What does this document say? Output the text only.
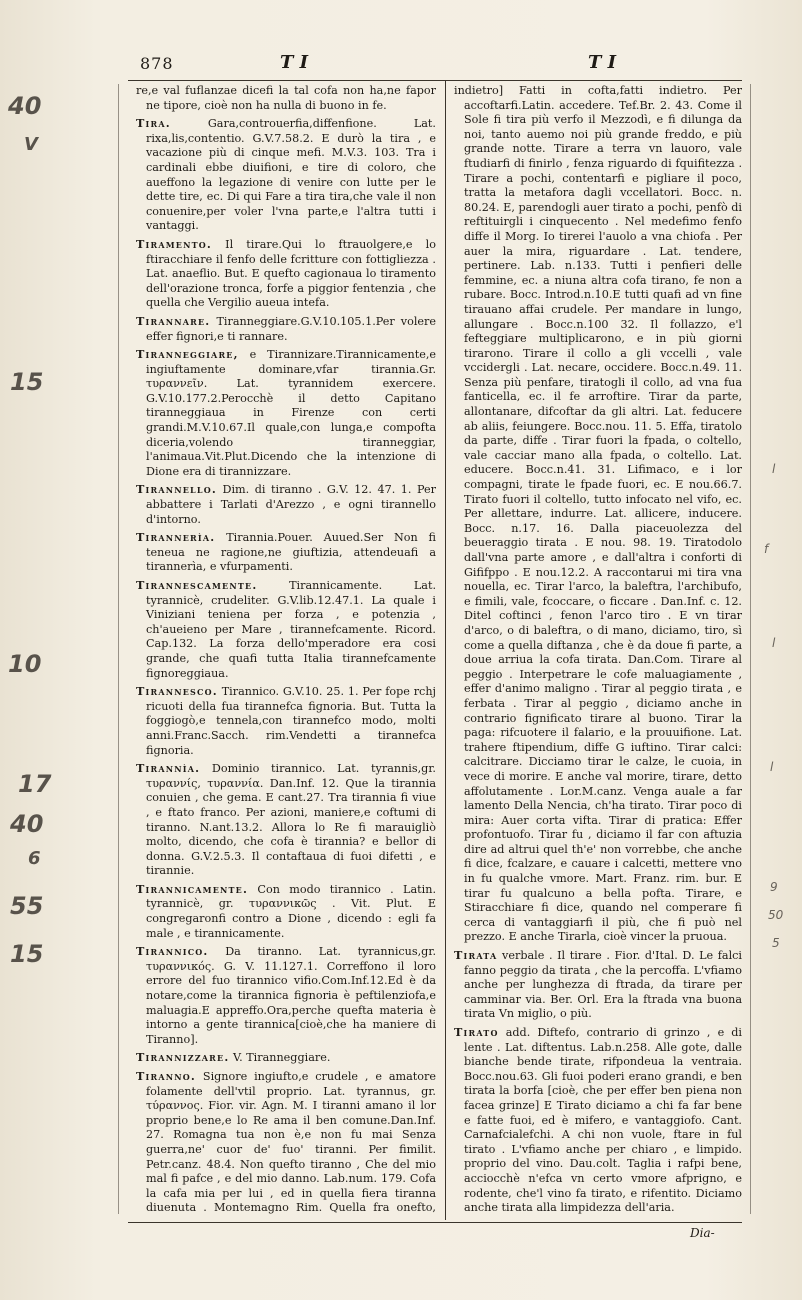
878	T I	T I

re,e val fuflanzae dicefi la tal cofa non ha,ne fapor ne tipore, cioè non ha nulla di buono in fe.

Tira.	Gara,controuerfia,diffenfione. Lat. rixa,lis,contentio. G.V.7.58.2. E durò la tira , e vacazione più di cinque mefi. M.V.3. 103. Tra i cardinali ebbe diuifioni, e tire di coloro, che aueffono la legazione di venire con lutte per le dette tire, ec. Di qui Fare a tira tira,che vale il non conuenire,per voler l'vna parte,e l'altra tutti i vantaggi.

Tiramento. Il tirare.Qui lo ftrauolgere,e lo ftiracchiare il fenfo delle fcritture con fottigliezza . Lat. anaeflio. But. E quefto cagionaua lo tiramento dell'orazione tronca, forfe a piggior fentenzia , che quella che Vergilio aueua intefa.

Tirannare. Tiranneggiare.G.V.10.105.1.Per volere effer fignori,e ti rannare.

Tiranneggiare, e Tirannizare.Tirannicamente,e ingiuftamente dominare,vfar tirannia.Gr. τυραννεῖν. Lat. tyrannidem exercere. G.V.10.177.2.Perocchè il detto Capitano tiranneggiaua in Firenze con certi grandi.M.V.10.67.Il quale,con lunga,e compofta diceria,volendo tiranneggiar, l'animaua.Vit.Plut.Dicendo che la intenzione di Dione era di tirannizzare.

Tirannello. Dim. di tiranno . G.V. 12. 47. 1. Per abbattere i Tarlati d'Arezzo , e ogni tirannello d'intorno.

Tirannerìa. Tirannia.Pouer. Auued.Ser Non fi teneua ne ragione,ne giuftizia, attendeuafi a tirannerìa, e vfurpamenti.

Tirannescamente.	Tirannicamente. Lat. tyrannicè, crudeliter. G.V.lib.12.47.1. La quale i Viniziani teniena per forza , e potenzia , ch'aueieno per Mare , tirannefcamente. Ricord. Cap.132. La forza dello'mperadore era cosi grande, che quafi tutta Italia tirannefcamente fignoreggiaua.

Tirannesco. Tirannico. G.V.10. 25. 1. Per fope rchj ricuoti della fua tirannefca fignoria. But. Tutta la foggiogò,e tennela,con tirannefco modo, molti anni.Franc.Sacch. rim.Vendetti a tirannefca fignoria.

Tirannìa. Dominio tirannico. Lat. tyrannis,gr. τυραννίς, τυραννία. Dan.Inf. 12. Que la tirannia conuien , che gema. E cant.27. Tra tirannia fi viue , e ftato franco. Per azioni, maniere,e coftumi di tiranno. N.ant.13.2. Allora lo Re fi marauigliò molto, dicendo, che cofa è tirannia? e bellor di donna. G.V.2.5.3. Il contaftaua di fuoi difetti , e tirannie.

Tirannicamente. Con modo tirannico . Latin. tyrannicè, gr. τυραννικῶς . Vit. Plut. E congregaronfi contro a Dione , dicendo : egli fa male , e tirannicamente.

Tirannico. Da tiranno. Lat. tyrannicus,gr. τυραννικός. G. V. 11.127.1. Correffono il loro errore del fuo tirannico vifio.Com.Inf.12.Ed è da notare,come la tirannica fignoria è peftilenziofa,e maluagia.E appreffo.Ora,perche quefta materia è intorno a gente tirannica[cioè,che ha maniere di Tiranno].

Tirannizzare. V. Tiranneggiare.

Tiranno. Signore ingiufto,e crudele , e amatore folamente dell'vtil proprio. Lat. tyrannus, gr. τύραννος. Fior. vir. Agn. M. I tiranni amano il lor proprio bene,e lo Re ama il ben comune.Dan.Inf. 27. Romagna tua non è,e non fu mai Senza guerra,ne' cuor de' fuo' tiranni. Per fimilit. Petr.canz. 48.4. Non quefto tiranno , Che del mio mal fi pafce , e del mio danno. Lab.num. 179. Cofa la cafa mia per lui , ed in quella fiera tiranna diuenuta . Montemagno Rim. Quella fra onefto,

indietro] Fatti in cofta,fatti indietro. Per accoftarfi.Latin. accedere. Tef.Br. 2. 43. Come il Sole fi tira più verfo il Mezzodì, e fi dilunga da noi, tanto auemo noi più grande freddo, e più grande notte. Tirare a terra vn lauoro, vale ftudiarfi di finirlo , fenza riguardo di fquifitezza . Tirare a pochi, contentarfi e pigliare il poco, tratta la metafora dagli vccellatori. Bocc. n. 80.24. E, parendogli auer tirato a pochi, penfò di reftituirgli i cinquecento . Nel medefimo fenfo diffe il Morg. Io tirerei l'auolo a vna chiofa . Per auer la mira, riguardare . Lat. tendere, pertinere. Lab. n.133. Tutti i penfieri delle femmine, ec. a niuna altra cofa tirano, fe non a rubare. Bocc. Introd.n.10.E tutti quafi ad vn fine tirauano affai crudele. Per mandare in lungo, allungare . Bocc.n.100 32. Il follazzo, e'l fefteggiare multiplicarono, e in più giorni tirarono. Tirare il collo a gli vccelli , vale vccidergli . Lat. necare, occidere. Bocc.n.49. 11. Senza più penfare, tiratogli il collo, ad vna fua fanticella, ec. il fe arroftire. Tirar da parte, allontanare, difcoftar da gli altri. Lat. feducere ab aliis, feiungere. Bocc.nou. 11. 5. Effa, tiratolo da parte, diffe . Tirar fuori la fpada, o coltello, vale cacciar mano alla fpada, o coltello. Lat. educere. Bocc.n.41. 31. Lifimaco, e i lor compagni, tirate le fpade fuori, ec. E nou.66.7. Tirato fuori il coltello, tutto infocato nel vifo, ec. Per allettare, indurre. Lat. allicere, inducere. Bocc. n.17. 16. Dalla piaceuolezza del beueraggio tirata . E nou. 98. 19. Tiratodolo dall'vna parte amore , e dall'altra i conforti di Gififppo . E nou.12.2. A raccontarui mi tira vna nouella, ec. Tirar l'arco, la baleftra, l'archibufo, e fimili, vale, fcoccare, o ficcare . Dan.Inf. c. 12. Ditel coftinci , fenon l'arco tiro . E vn tirar d'arco, o di baleftra, o di mano, diciamo, tiro, sì come a quella diftanza , che è da doue fi parte, a doue arriua la cofa tirata. Dan.Com. Tirare al peggio . Interpetrare le cofe maluagiamente , effer d'animo maligno . Tirar al peggio tirata , e ferbata . Tirar al peggio , diciamo anche in contrario fignificato tirare al buono. Tirar la paga: rifcuotere il falario, e la prouuifione. Lat. trahere ftipendium, diffe G iuftino. Tirar calci: calcitrare. Dicciamo tirar le calze, le cuoia, in vece di morire. E anche val morire, tirare, detto affolutamente . Lor.M.canz. Venga auale a far lamento Della Nencia, ch'ha tirato. Tirar poco di mira: Auer corta vifta. Tirar di pratica: Effer profontuofo. Tirar fu , diciamo il far con aftuzia dire ad altrui quel th'e' non vorrebbe, che anche fi dice, fcalzare, e cauare i calcetti, mettere vno in fu qualche vmore. Mart. Franz. rim. bur. E tirar fu qualcuno a bella pofta. Tirare, e Stiracchiare fi dice, quando nel comperare fi cerca di vantaggiarfi il più, che fi può nel prezzo. E anche Tirarla, cioè vincer la pruoua.

Tirata verbale . Il tirare . Fior. d'Ital. D. Le falci fanno peggio da tirata , che la percoffa. L'vfiamo anche per lunghezza di ftrada, da tirare per camminar via. Ber. Orl. Era la ftrada vna buona tirata Vn miglio, o più.

Tirato add. Diftefo, contrario di grinzo , e di lente . Lat. diftentus. Lab.n.258. Alle gote, dalle bianche bende tirate, rifpondeua la ventraia. Bocc.nou.63. Gli fuoi poderi erano grandi, e ben tirata la borfa [cioè, che per effer ben piena non facea grinze] E Tirato diciamo a chi fa far bene e fatte fuoi, ed è mifero, e vantaggiofo. Cant. Carnafcialefchi. A chi non vuole, ftare in ful tirato . L'vfiamo anche per chiaro , e limpido. proprio del vino. Dau.colt. Taglia i rafpi bene, acciocchè n'efca vn certo vmore afprigno, e rodente, che'l vino fa tirato, e rifentito. Diciamo anche tirata alla limpidezza dell'aria.

Dia-
40
V
15
10
17
40
6
55
15
l
f
l
l
9
50
5
